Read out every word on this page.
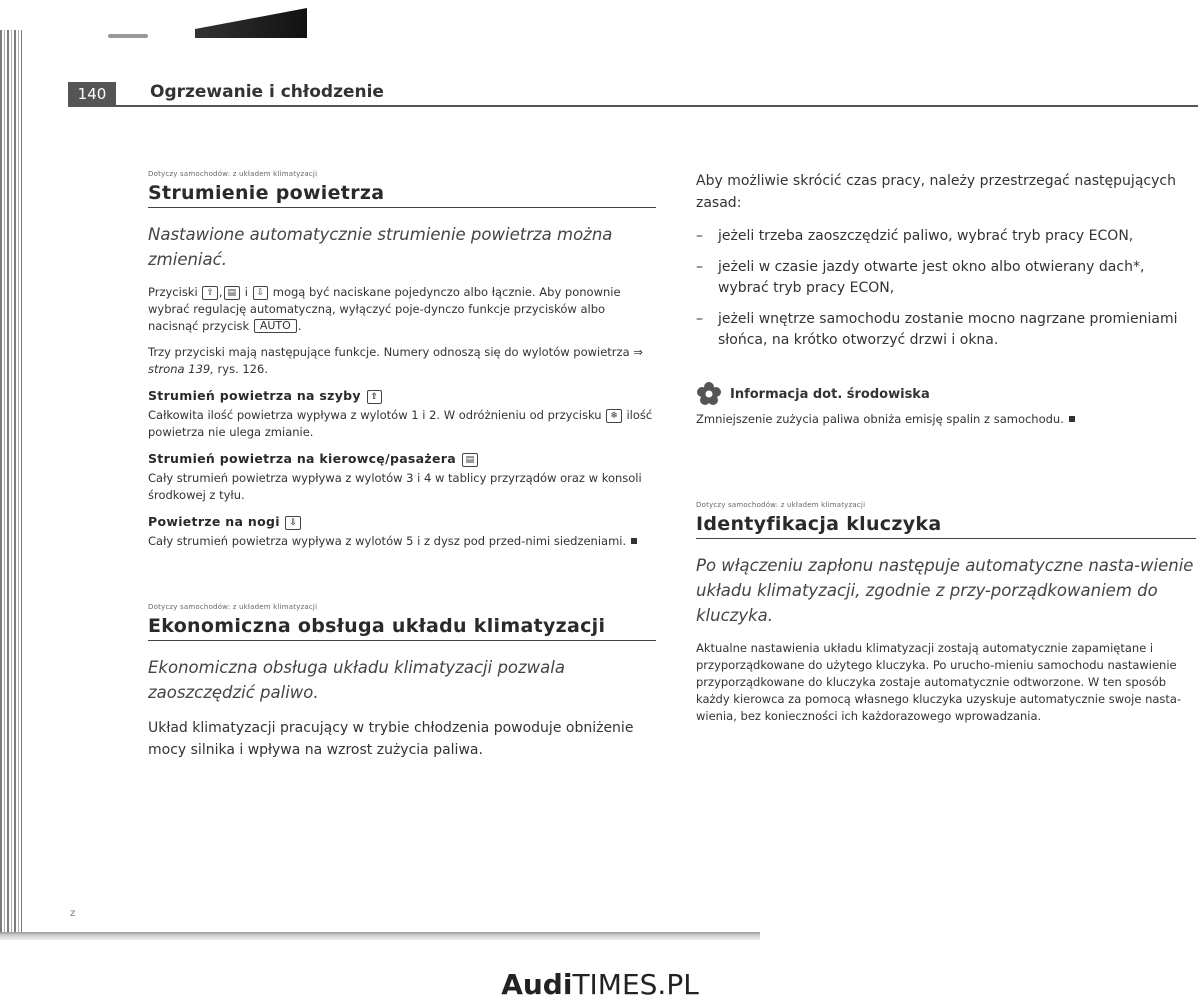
140	Ogrzewanie i chłodzenie
Dotyczy samochodów: z układem klimatyzacji
Strumienie powietrza

Nastawione automatycznie strumienie powietrza można zmieniać.

Przyciski ⇧ , ▤ i ⇩ mogą być naciskane pojedynczo albo łącznie. Aby ponownie wybrać regulację automatyczną, wyłączyć poje-dynczo funkcje przycisków albo nacisnąć przycisk AUTO .

Trzy przyciski mają następujące funkcje. Numery odnoszą się do wylotów powietrza ⇒ strona 139, rys. 126.

Strumień powietrza na szyby ⇧

Całkowita ilość powietrza wypływa z wylotów 1 i 2. W odróżnieniu od przycisku ❄ ilość powietrza nie ulega zmianie.

Strumień powietrza na kierowcę/pasażera ▤

Cały strumień powietrza wypływa z wylotów 3 i 4 w tablicy przyrządów oraz w konsoli środkowej z tyłu.

Powietrze na nogi ⇩

Cały strumień powietrza wypływa z wylotów 5 i z dysz pod przed-nimi siedzeniami.

Dotyczy samochodów: z układem klimatyzacji
Ekonomiczna obsługa układu klimatyzacji

Ekonomiczna obsługa układu klimatyzacji pozwala zaoszczędzić paliwo.

Układ klimatyzacji pracujący w trybie chłodzenia powoduje obniżenie mocy silnika i wpływa na wzrost zużycia paliwa.

Aby możliwie skrócić czas pracy, należy przestrzegać następujących zasad:

– jeżeli trzeba zaoszczędzić paliwo, wybrać tryb pracy ECON,
– jeżeli w czasie jazdy otwarte jest okno albo otwierany dach*, wybrać tryb pracy ECON,
– jeżeli wnętrze samochodu zostanie mocno nagrzane promieniami słońca, na krótko otworzyć drzwi i okna.
Informacja dot. środowiska

Zmniejszenie zużycia paliwa obniża emisję spalin z samochodu.

Dotyczy samochodów: z układem klimatyzacji
Identyfikacja kluczyka

Po włączeniu zapłonu następuje automatyczne nasta-wienie układu klimatyzacji, zgodnie z przy-porządkowaniem do kluczyka.

Aktualne nastawienia układu klimatyzacji zostają automatycznie zapamiętane i przyporządkowane do użytego kluczyka. Po urucho-mieniu samochodu nastawienie przyporządkowane do kluczyka zostaje automatycznie odtworzone. W ten sposób każdy kierowca za pomocą własnego kluczyka uzyskuje automatycznie swoje nasta-wienia, bez konieczności ich każdorazowego wprowadzania.

z
AudiTIMES.PL
